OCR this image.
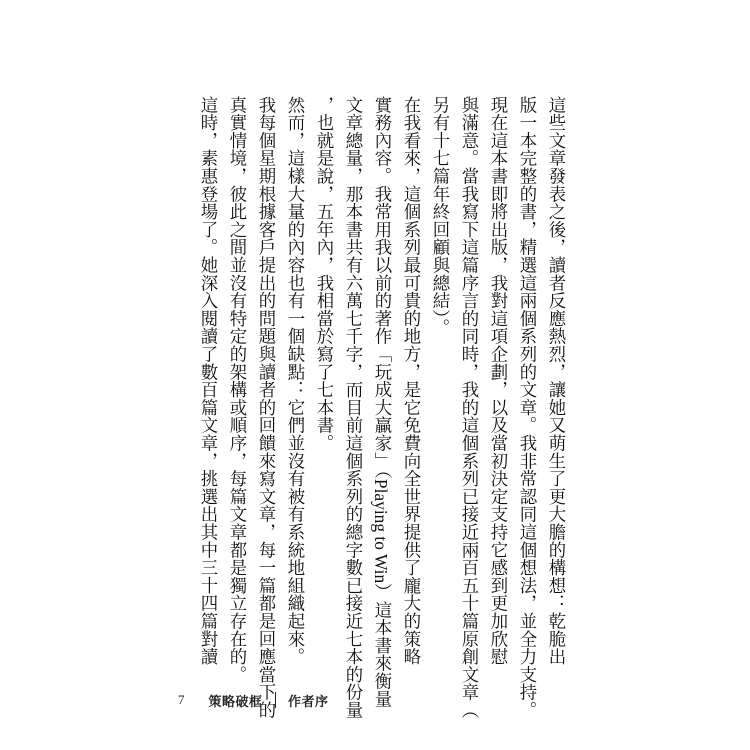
這些文章發表之後，讀者反應熱烈，讓她又萌生了更大膽的構想：乾脆出
版一本完整的書，精選這兩個系列的文章。我非常認同這個想法，並全力支持。
現在這本書即將出版，我對這項企劃，以及當初決定支持它感到更加欣慰
與滿意。當我寫下這篇序言的同時，我的這個系列已接近兩百五十篇原創文章（
另有十七篇年終回顧與總結）。
在我看來，這個系列最可貴的地方，是它免費向全世界提供了龐大的策略
實務內容。我常用我以前的著作「玩成大贏家」（Playing to Win）這本書來衡量
文章總量，那本書共有六萬七千字，而目前這個系列的總字數已接近七本的份量
，也就是說，五年內，我相當於寫了七本書。
然而，這樣大量的內容也有一個缺點：它們並沒有被有系統地組織起來。
我每個星期根據客戶提出的問題與讀者的回饋來寫文章，每一篇都是回應當下的
真實情境，彼此之間並沒有特定的架構或順序，每篇文章都是獨立存在的。
這時，素惠登場了。她深入閱讀了數百篇文章，挑選出其中三十四篇對讀
7 策略破框 作者序
